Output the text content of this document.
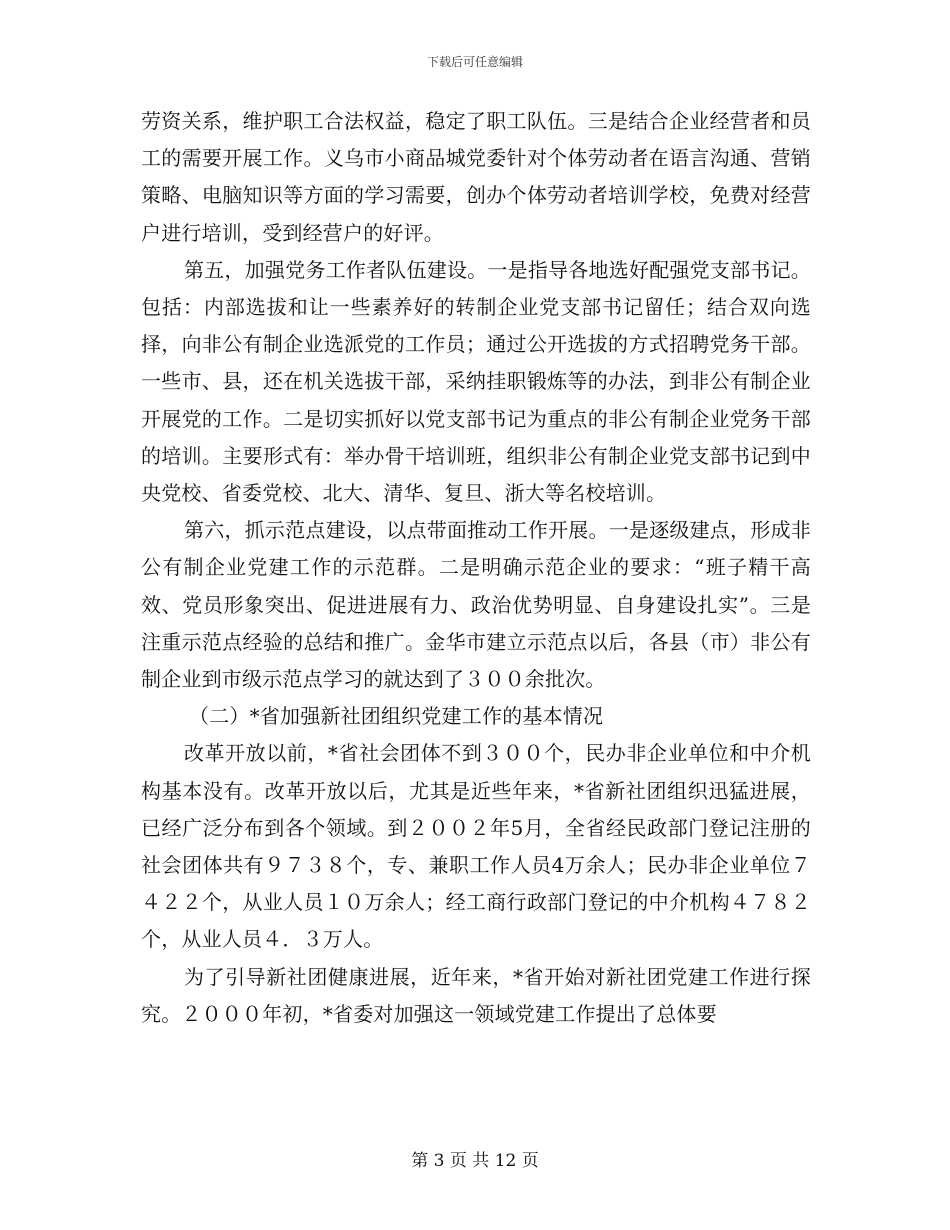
下载后可任意编辑

劳资关系，维护职工合法权益，稳定了职工队伍。三是结合企业经营者和员工的需要开展工作。义乌市小商品城党委针对个体劳动者在语言沟通、营销策略、电脑知识等方面的学习需要，创办个体劳动者培训学校，免费对经营户进行培训，受到经营户的好评。

第五，加强党务工作者队伍建设。一是指导各地选好配强党支部书记。包括：内部选拔和让一些素养好的转制企业党支部书记留任；结合双向选择，向非公有制企业选派党的工作员；通过公开选拔的方式招聘党务干部。一些市、县，还在机关选拔干部，采纳挂职锻炼等的办法，到非公有制企业开展党的工作。二是切实抓好以党支部书记为重点的非公有制企业党务干部的培训。主要形式有：举办骨干培训班，组织非公有制企业党支部书记到中央党校、省委党校、北大、清华、复旦、浙大等名校培训。

第六，抓示范点建设，以点带面推动工作开展。一是逐级建点，形成非公有制企业党建工作的示范群。二是明确示范企业的要求：“班子精干高效、党员形象突出、促进进展有力、政治优势明显、自身建设扎实”。三是注重示范点经验的总结和推广。金华市建立示范点以后，各县（市）非公有制企业到市级示范点学习的就达到了３００余批次。

（二）*省加强新社团组织党建工作的基本情况

改革开放以前，*省社会团体不到３００个，民办非企业单位和中介机构基本没有。改革开放以后，尤其是近些年来，*省新社团组织迅猛进展，已经广泛分布到各个领域。到２００２年5月，全省经民政部门登记注册的社会团体共有９７３８个，专、兼职工作人员4万余人；民办非企业单位７４２２个，从业人员１０万余人；经工商行政部门登记的中介机构４７８２个，从业人员４．３万人。

为了引导新社团健康进展，近年来，*省开始对新社团党建工作进行探究。２０００年初，*省委对加强这一领域党建工作提出了总体要

第 3 页 共 12 页
